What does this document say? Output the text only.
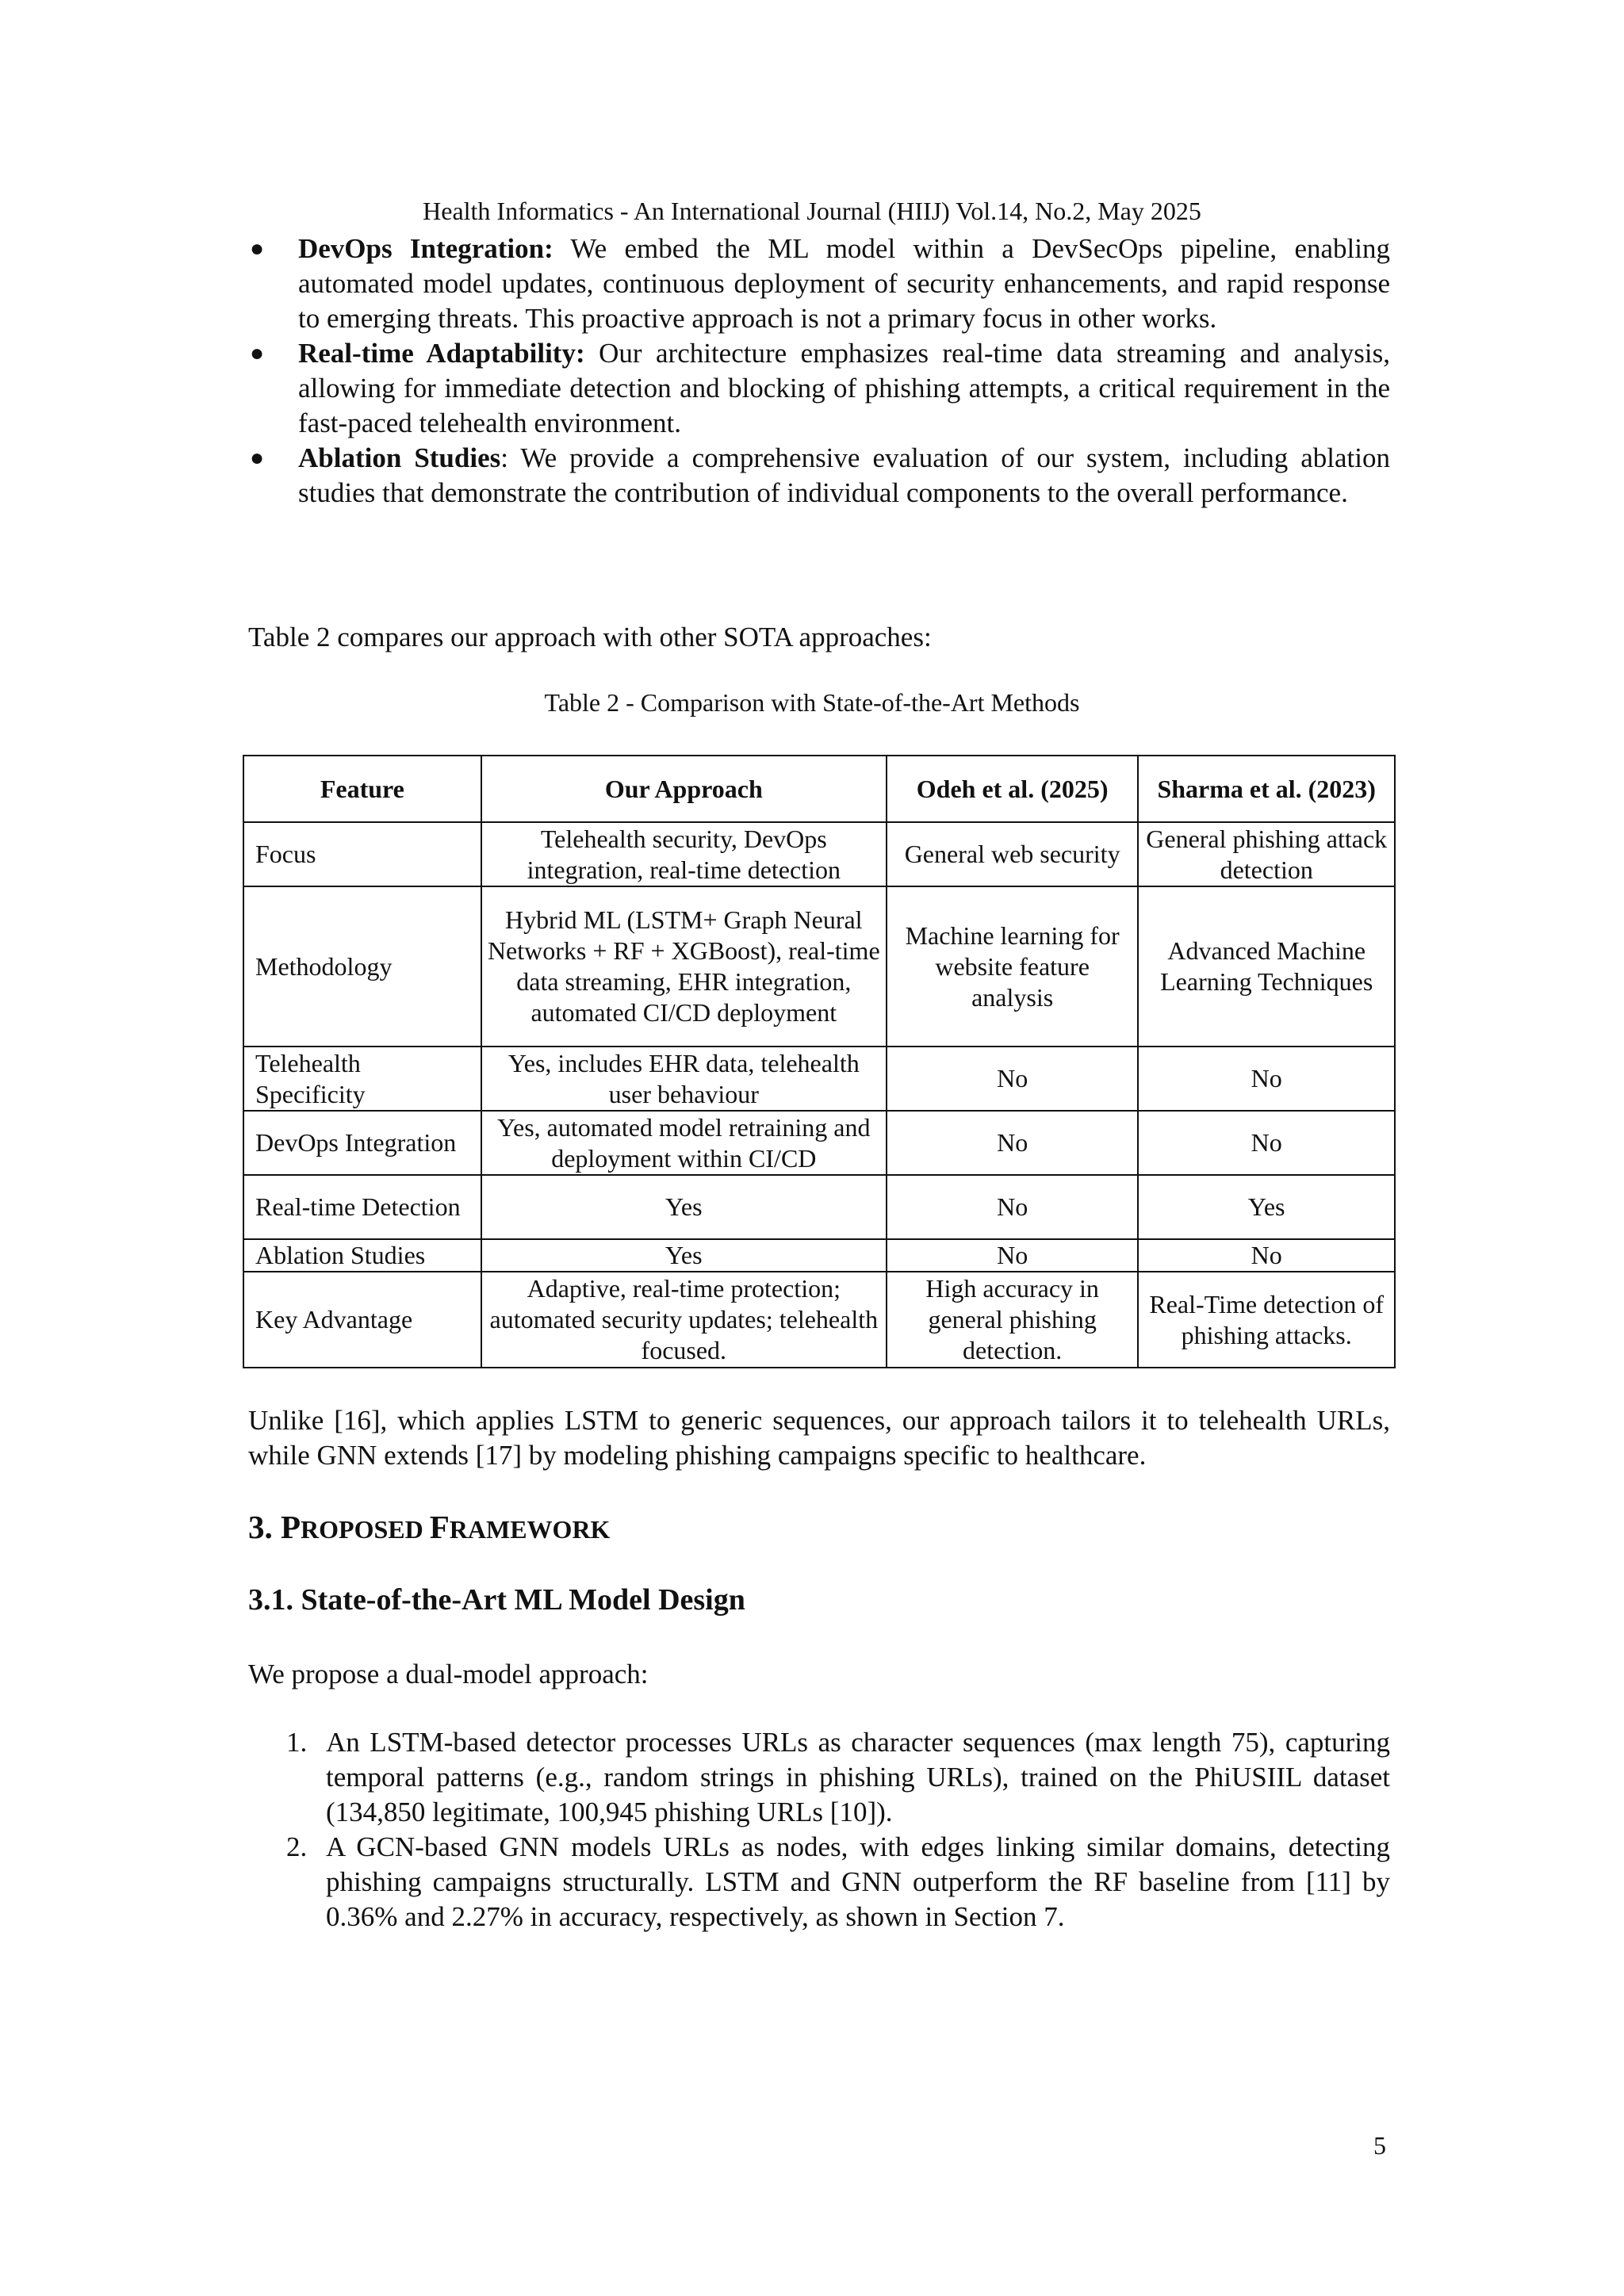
Health Informatics - An International Journal (HIIJ) Vol.14, No.2, May 2025
● DevOps Integration: We embed the ML model within a DevSecOps pipeline, enabling automated model updates, continuous deployment of security enhancements, and rapid response to emerging threats. This proactive approach is not a primary focus in other works.
● Real-time Adaptability: Our architecture emphasizes real-time data streaming and analysis, allowing for immediate detection and blocking of phishing attempts, a critical requirement in the fast-paced telehealth environment.
● Ablation Studies: We provide a comprehensive evaluation of our system, including ablation studies that demonstrate the contribution of individual components to the overall performance.
Table 2 compares our approach with other SOTA approaches:
Table 2 - Comparison with State-of-the-Art Methods
Feature	Our Approach	Odeh et al. (2025)	Sharma et al. (2023)
Focus	Telehealth security, DevOps integration, real-time detection	General web security	General phishing attack detection
Methodology	Hybrid ML (LSTM+ Graph Neural Networks + RF + XGBoost), real-time data streaming, EHR integration, automated CI/CD deployment	Machine learning for website feature analysis	Advanced Machine Learning Techniques
Telehealth Specificity	Yes, includes EHR data, telehealth user behaviour	No	No
DevOps Integration	Yes, automated model retraining and deployment within CI/CD	No	No
Real-time Detection	Yes	No	Yes
Ablation Studies	Yes	No	No
Key Advantage	Adaptive, real-time protection; automated security updates; telehealth focused.	High accuracy in general phishing detection.	Real-Time detection of phishing attacks.
Unlike [16], which applies LSTM to generic sequences, our approach tailors it to telehealth URLs, while GNN extends [17] by modeling phishing campaigns specific to healthcare.
3. PROPOSED FRAMEWORK
3.1. State-of-the-Art ML Model Design
We propose a dual-model approach:
1. An LSTM-based detector processes URLs as character sequences (max length 75), capturing temporal patterns (e.g., random strings in phishing URLs), trained on the PhiUSIIL dataset (134,850 legitimate, 100,945 phishing URLs [10]).
2. A GCN-based GNN models URLs as nodes, with edges linking similar domains, detecting phishing campaigns structurally. LSTM and GNN outperform the RF baseline from [11] by 0.36% and 2.27% in accuracy, respectively, as shown in Section 7.
5
